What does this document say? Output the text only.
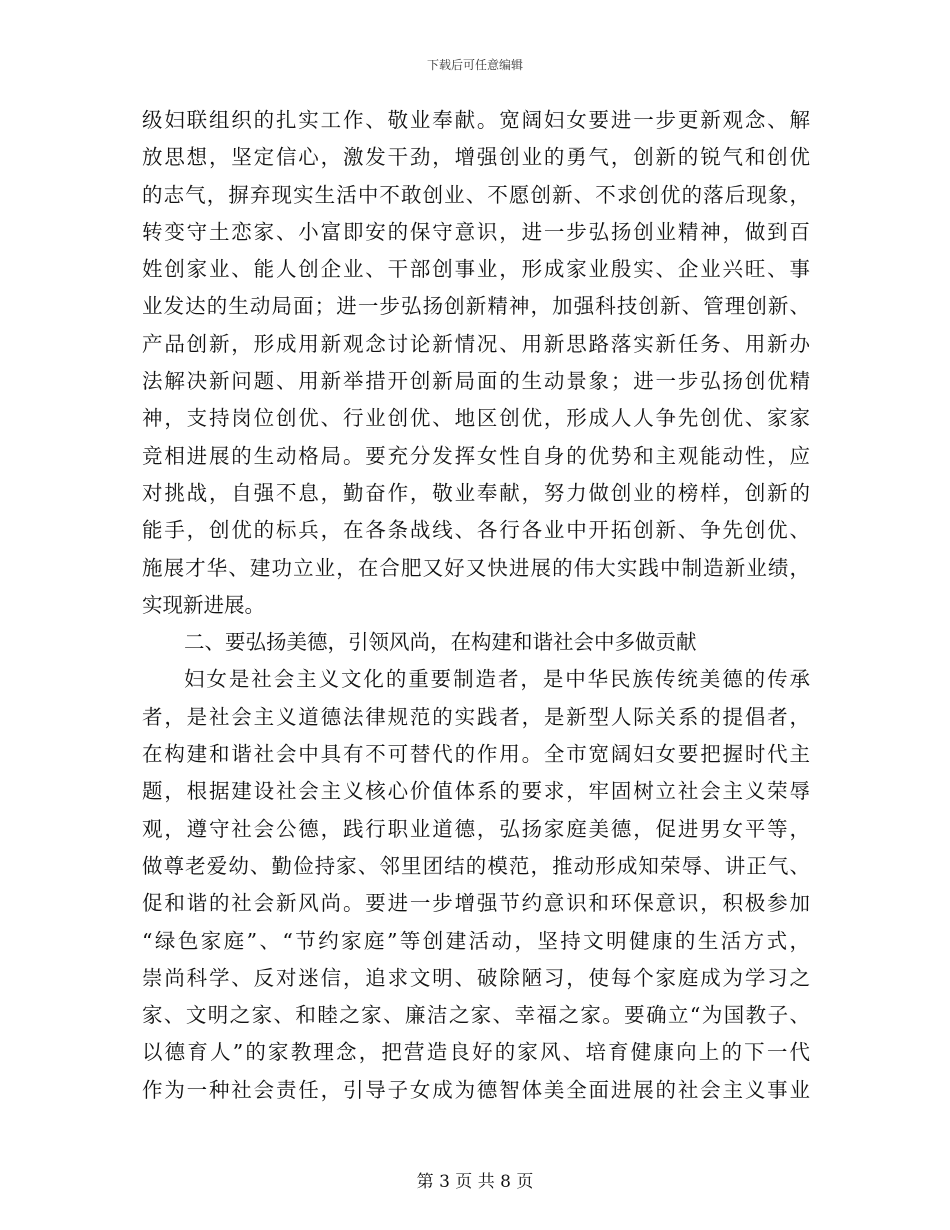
下载后可任意编辑
级妇联组织的扎实工作、敬业奉献。宽阔妇女要进一步更新观念、解
放思想，坚定信心，激发干劲，增强创业的勇气，创新的锐气和创优
的志气，摒弃现实生活中不敢创业、不愿创新、不求创优的落后现象，
转变守土恋家、小富即安的保守意识，进一步弘扬创业精神，做到百
姓创家业、能人创企业、干部创事业，形成家业殷实、企业兴旺、事
业发达的生动局面；进一步弘扬创新精神，加强科技创新、管理创新、
产品创新，形成用新观念讨论新情况、用新思路落实新任务、用新办
法解决新问题、用新举措开创新局面的生动景象；进一步弘扬创优精
神，支持岗位创优、行业创优、地区创优，形成人人争先创优、家家
竞相进展的生动格局。要充分发挥女性自身的优势和主观能动性，应
对挑战，自强不息，勤奋作，敬业奉献，努力做创业的榜样，创新的
能手，创优的标兵，在各条战线、各行各业中开拓创新、争先创优、
施展才华、建功立业，在合肥又好又快进展的伟大实践中制造新业绩，
实现新进展。
二、要弘扬美德，引领风尚，在构建和谐社会中多做贡献
妇女是社会主义文化的重要制造者，是中华民族传统美德的传承
者，是社会主义道德法律规范的实践者，是新型人际关系的提倡者，
在构建和谐社会中具有不可替代的作用。全市宽阔妇女要把握时代主
题，根据建设社会主义核心价值体系的要求，牢固树立社会主义荣辱
观，遵守社会公德，践行职业道德，弘扬家庭美德，促进男女平等，
做尊老爱幼、勤俭持家、邻里团结的模范，推动形成知荣辱、讲正气、
促和谐的社会新风尚。要进一步增强节约意识和环保意识，积极参加
“绿色家庭”、“节约家庭”等创建活动，坚持文明健康的生活方式，
崇尚科学、反对迷信，追求文明、破除陋习，使每个家庭成为学习之
家、文明之家、和睦之家、廉洁之家、幸福之家。要确立“为国教子、
以德育人”的家教理念，把营造良好的家风、培育健康向上的下一代
作为一种社会责任，引导子女成为德智体美全面进展的社会主义事业
第 3 页 共 8 页
